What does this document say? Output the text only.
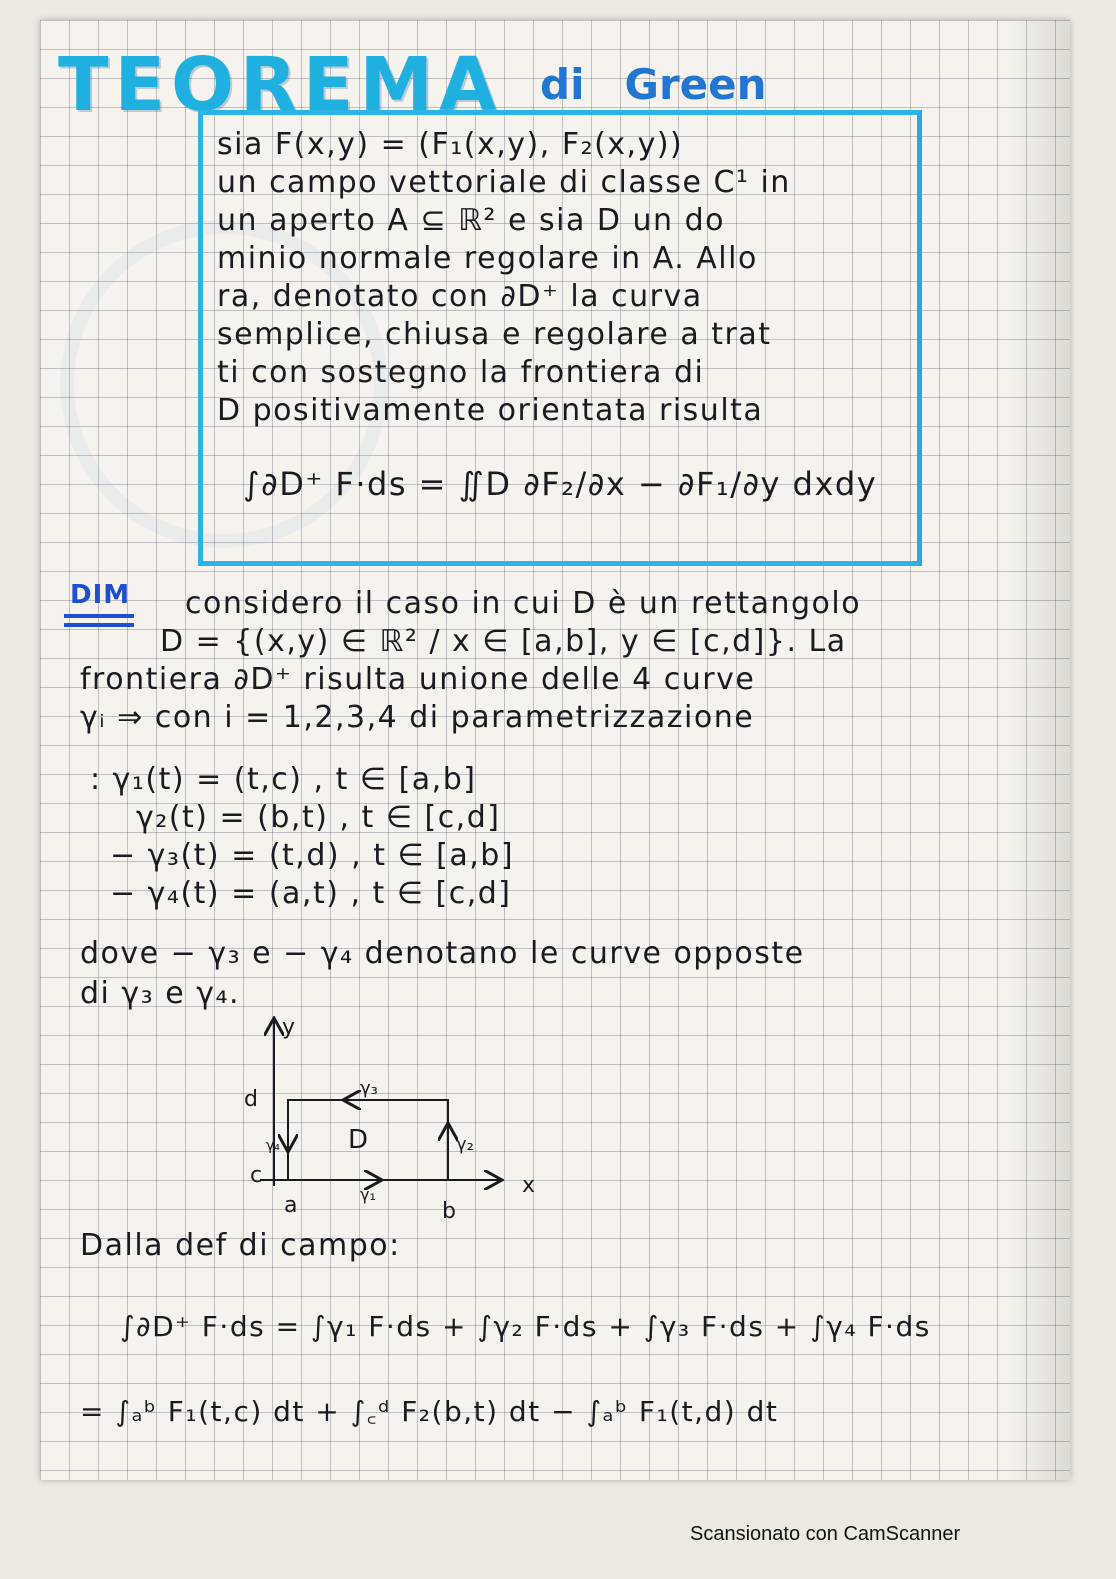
TEOREMA di Green
sia F(x,y) = (F₁(x,y), F₂(x,y))
un campo vettoriale di classe C¹ in
un aperto A ⊆ ℝ² e sia D un do
minio normale regolare in A. Allo
ra, denotato con ∂D⁺ la curva
semplice, chiusa e regolare a trat
ti con sostegno la frontiera di
D positivamente orientata risulta
∫∂D⁺ F·ds = ∬D ∂F₂/∂x − ∂F₁/∂y dxdy
DIM considero il caso in cui D è un rettangolo
D = {(x,y) ∈ ℝ² / x ∈ [a,b], y ∈ [c,d]}. La
frontiera ∂D⁺ risulta unione delle 4 curve
γᵢ ⇒ con i = 1,2,3,4 di parametrizzazione
: γ₁(t) = (t,c) , t ∈ [a,b]
γ₂(t) = (b,t) , t ∈ [c,d]
− γ₃(t) = (t,d) , t ∈ [a,b]
− γ₄(t) = (a,t) , t ∈ [c,d]
dove − γ₃ e − γ₄ denotano le curve opposte
di γ₃ e γ₄.
y
x
d
c
a	b
D
γ₁
γ₂
γ₃
γ₄
Dalla def di campo:
∫∂D⁺ F·ds = ∫γ₁ F·ds + ∫γ₂ F·ds + ∫γ₃ F·ds + ∫γ₄ F·ds
= ∫ₐᵇ F₁(t,c) dt + ∫꜀ᵈ F₂(b,t) dt − ∫ₐᵇ F₁(t,d) dt
Scansionato con CamScanner
